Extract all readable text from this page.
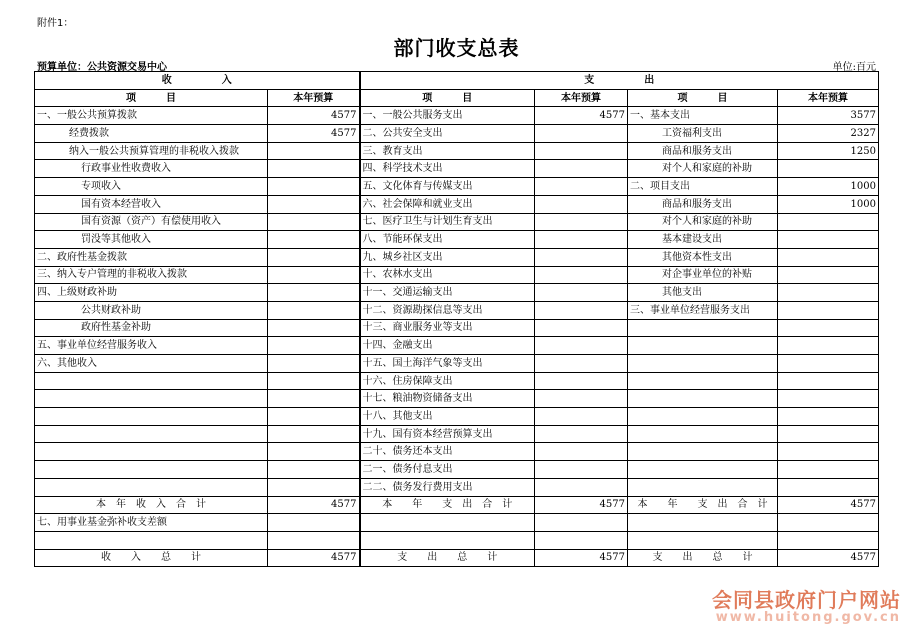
附件1：
部门收支总表
预算单位：公共资源交易中心	单位:百元
收　　　　　入		支　　　　　出			
项　　　目	本年预算	项　　　目	本年预算	项　　　目	本年预算
一、一般公共预算拨款	4577	一、一般公共服务支出	4577	一、基本支出	3577
经费拨款	4577	二、公共安全支出		工资福利支出	2327
纳入一般公共预算管理的非税收入拨款		三、教育支出		商品和服务支出	1250
行政事业性收费收入		四、科学技术支出		对个人和家庭的补助	
专项收入		五、文化体育与传媒支出		二、项目支出	1000
国有资本经营收入		六、社会保障和就业支出		商品和服务支出	1000
国有资源（资产）有偿使用收入		七、医疗卫生与计划生育支出		对个人和家庭的补助	
罚没等其他收入		八、节能环保支出		基本建设支出	
二、政府性基金拨款		九、城乡社区支出		其他资本性支出	
三、纳入专户管理的非税收入拨款		十、农林水支出		对企事业单位的补贴	
四、上级财政补助		十一、交通运输支出		其他支出	
公共财政补助		十二、资源勘探信息等支出		三、事业单位经营服务支出	
政府性基金补助		十三、商业服务业等支出			
五、事业单位经营服务收入		十四、金融支出			
六、其他收入		十五、国土海洋气象等支出			
		十六、住房保障支出			
		十七、粮油物资储备支出			
		十八、其他支出			
		十九、国有资本经营预算支出			
		二十、债务还本支出			
		二一、债务付息支出			
		二二、债务发行费用支出			
本　年　收　入　合　计	4577	本　　年　　支　出　合　计	4577	本　　年　　支　出　合　计	4577
七、用事业基金弥补收支差额					

收　　入　　总　　计	4577	支　　出　　总　　计	4577	支　　出　　总　　计	4577
会同县政府门户网站
www.huitong.gov.cn
